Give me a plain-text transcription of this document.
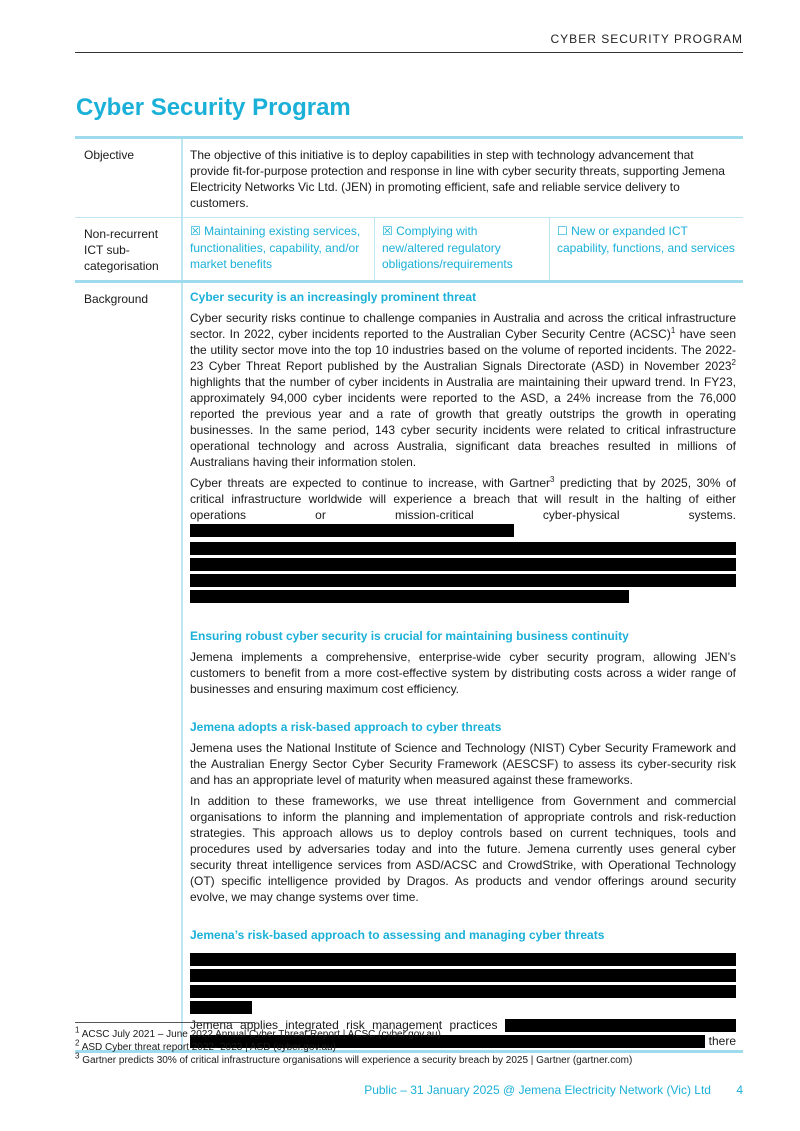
CYBER SECURITY PROGRAM
Cyber Security Program
Objective	The objective of this initiative is to deploy capabilities in step with technology advancement that provide fit-for-purpose protection and response in line with cyber security threats, supporting Jemena Electricity Networks Vic Ltd. (JEN) in promoting efficient, safe and reliable service delivery to customers.

Non-recurrent ICT sub-categorisation
☒ Maintaining existing services, functionalities, capability, and/or market benefits
☒ Complying with new/altered regulatory obligations/requirements
☐ New or expanded ICT capability, functions, and services
Background	Cyber security is an increasingly prominent threat

Cyber security risks continue to challenge companies in Australia and across the critical infrastructure sector. In 2022, cyber incidents reported to the Australian Cyber Security Centre (ACSC)$^1$ have seen the utility sector move into the top 10 industries based on the volume of reported incidents. The 2022-23 Cyber Threat Report published by the Australian Signals Directorate (ASD) in November 2023$^2$ highlights that the number of cyber incidents in Australia are maintaining their upward trend. In FY23, approximately 94,000 cyber incidents were reported to the ASD, a 24% increase from the 76,000 reported the previous year and a rate of growth that greatly outstrips the growth in operating businesses. In the same period, 143 cyber security incidents were related to critical infrastructure operational technology and across Australia, significant data breaches resulted in millions of Australians having their information stolen.

Cyber threats are expected to continue to increase, with Gartner$^3$ predicting that by 2025, 30% of critical infrastructure worldwide will experience a breach that will result in the halting of either operations or mission-critical cyber-physical systems.

Ensuring robust cyber security is crucial for maintaining business continuity

Jemena implements a comprehensive, enterprise-wide cyber security program, allowing JEN’s customers to benefit from a more cost-effective system by distributing costs across a wider range of businesses and ensuring maximum cost efficiency.

Jemena adopts a risk-based approach to cyber threats

Jemena uses the National Institute of Science and Technology (NIST) Cyber Security Framework and the Australian Energy Sector Cyber Security Framework (AESCSF) to assess its cyber-security risk and has an appropriate level of maturity when measured against these frameworks.

In addition to these frameworks, we use threat intelligence from Government and commercial organisations to inform the planning and implementation of appropriate controls and risk-reduction strategies. This approach allows us to deploy controls based on current techniques, tools and procedures used by adversaries today and into the future. Jemena currently uses general cyber security threat intelligence services from ASD/ACSC and CrowdStrike, with Operational Technology (OT) specific intelligence provided by Dragos. As products and vendor offerings around security evolve, we may change systems over time.

Jemena’s risk-based approach to assessing and managing cyber threats
Jemena applies integrated risk management practices
there
$^1$ ACSC July 2021 – June 2022 Annual Cyber Threat Report | ACSC (cyber.gov.au)
$^2$ ASD Cyber threat report 2022- 2023 | ASD (cyber.gov.au)
$^3$ Gartner predicts 30% of critical infrastructure organisations will experience a security breach by 2025 | Gartner (gartner.com)
Public – 31 January 2025 @ Jemena Electricity Network (Vic) Ltd 4
